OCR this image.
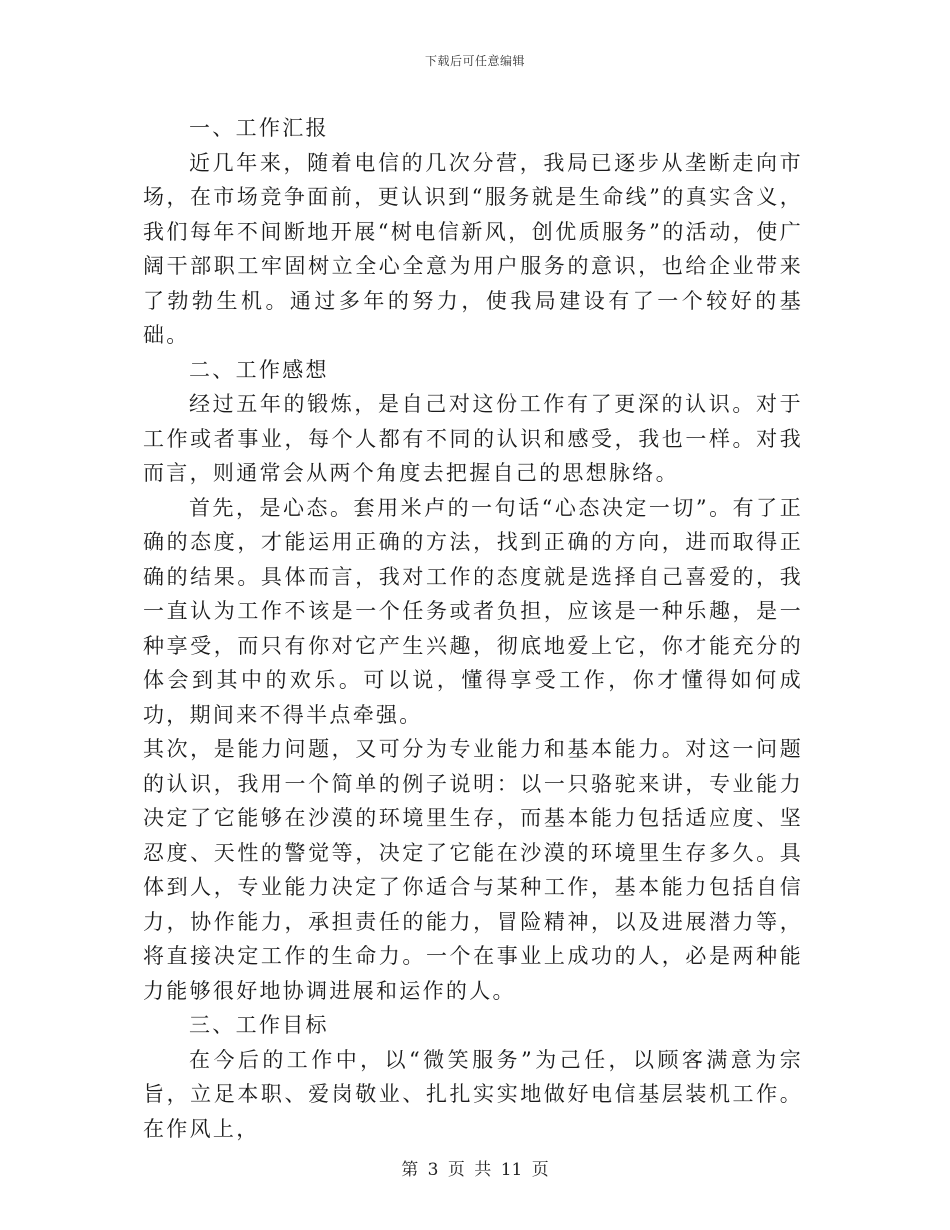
下载后可任意编辑

一、工作汇报

近几年来，随着电信的几次分营，我局已逐步从垄断走向市场，在市场竞争面前，更认识到“服务就是生命线”的真实含义，我们每年不间断地开展“树电信新风，创优质服务”的活动，使广阔干部职工牢固树立全心全意为用户服务的意识，也给企业带来了勃勃生机。通过多年的努力，使我局建设有了一个较好的基础。

二、工作感想

经过五年的锻炼，是自己对这份工作有了更深的认识。对于工作或者事业，每个人都有不同的认识和感受，我也一样。对我而言，则通常会从两个角度去把握自己的思想脉络。

首先，是心态。套用米卢的一句话“心态决定一切”。有了正确的态度，才能运用正确的方法，找到正确的方向，进而取得正确的结果。具体而言，我对工作的态度就是选择自己喜爱的，我一直认为工作不该是一个任务或者负担，应该是一种乐趣，是一种享受，而只有你对它产生兴趣，彻底地爱上它，你才能充分的体会到其中的欢乐。可以说，懂得享受工作，你才懂得如何成功，期间来不得半点牵强。

其次，是能力问题，又可分为专业能力和基本能力。对这一问题的认识，我用一个简单的例子说明：以一只骆驼来讲，专业能力决定了它能够在沙漠的环境里生存，而基本能力包括适应度、坚忍度、天性的警觉等，决定了它能在沙漠的环境里生存多久。具体到人，专业能力决定了你适合与某种工作，基本能力包括自信力，协作能力，承担责任的能力，冒险精神，以及进展潜力等，将直接决定工作的生命力。一个在事业上成功的人，必是两种能力能够很好地协调进展和运作的人。

三、工作目标

在今后的工作中，以“微笑服务”为己任，以顾客满意为宗旨，立足本职、爱岗敬业、扎扎实实地做好电信基层装机工作。在作风上，

第 3 页 共 11 页
